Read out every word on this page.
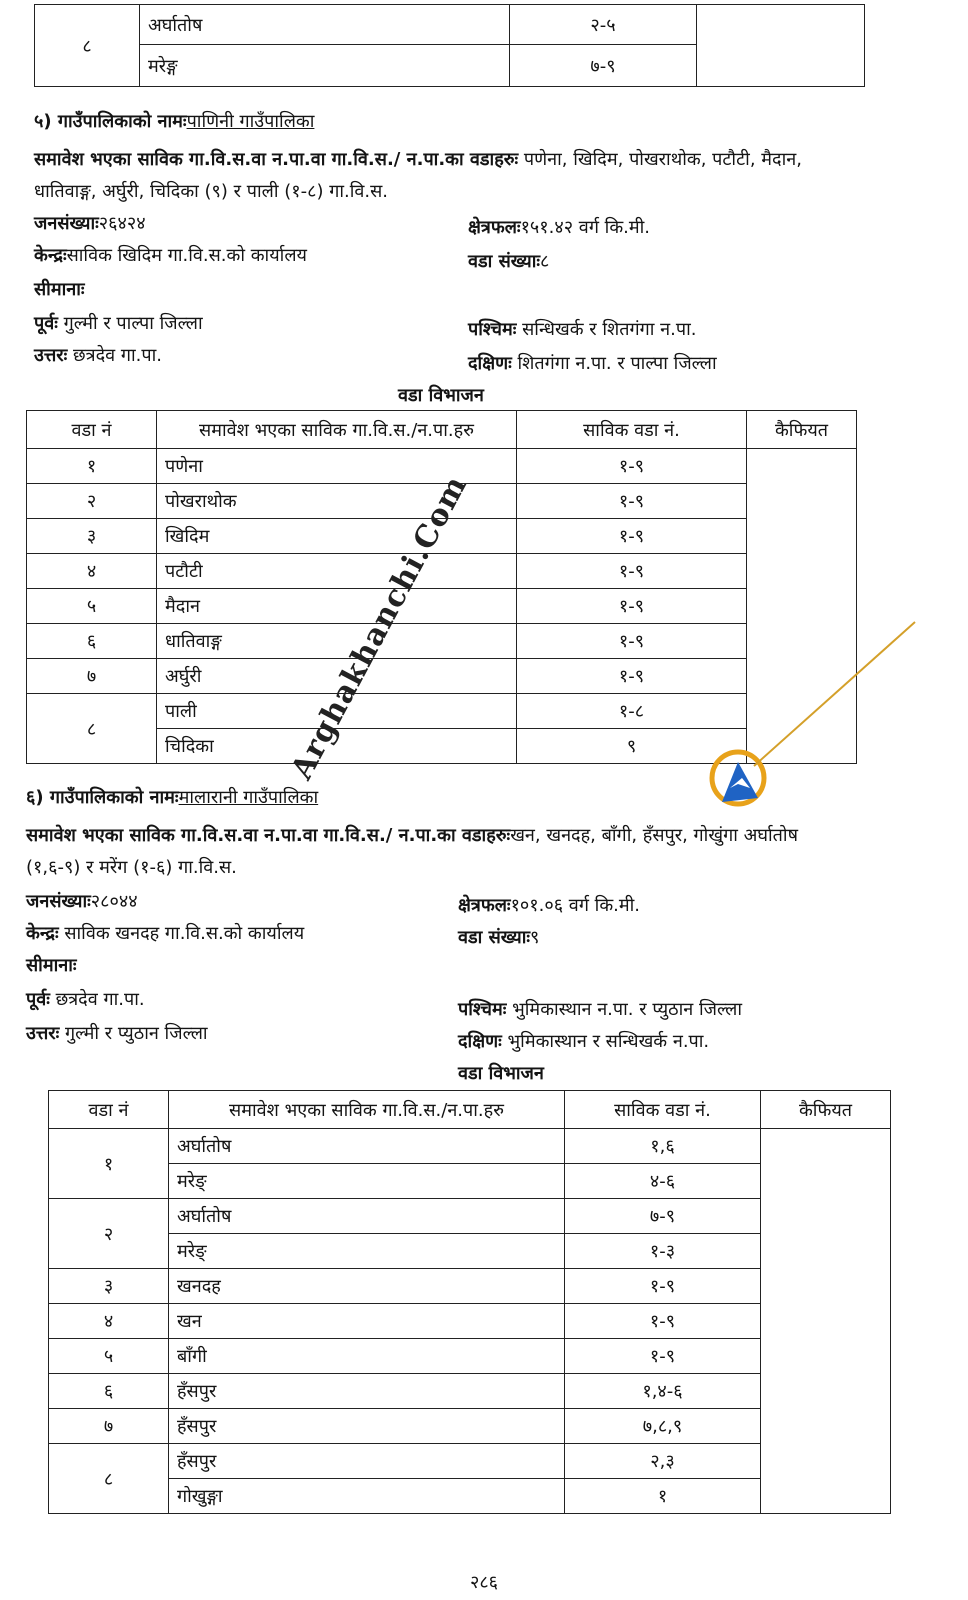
८	अर्घातोष	२-५	
	मरेङ्ग	७-९	
५) गाउँपालिकाको नामःपाणिनी गाउँपालिका
समावेश भएका साविक गा.वि.स.वा न.पा.वा गा.वि.स./ न.पा.का वडाहरुः पणेना, खिदिम, पोखराथोक, पटौटी, मैदान,
धातिवाङ्ग, अर्घुरी, चिदिका (९) र पाली (१-८) गा.वि.स.
जनसंख्याः२६४२४	क्षेत्रफलः१५१.४२ वर्ग कि.मी.
केन्द्रःसाविक खिदिम गा.वि.स.को कार्यालय	वडा संख्याः८
सीमानाः
पूर्वः गुल्मी र पाल्पा जिल्ला	पश्चिमः सन्धिखर्क र शितगंगा न.पा.
उत्तरः छत्रदेव गा.पा.	दक्षिणः शितगंगा न.पा. र पाल्पा जिल्ला
वडा विभाजन
वडा नं	समावेश भएका साविक गा.वि.स./न.पा.हरु	साविक वडा नं.	कैफियत
१	पणेना	१-९	
२	पोखराथोक	१-९	
३	खिदिम	१-९	
४	पटौटी	१-९	
५	मैदान	१-९	
६	धातिवाङ्ग	१-९	
७	अर्घुरी	१-९	
८	पाली	१-८	
	चिदिका	९	
६) गाउँपालिकाको नामःमालारानी गाउँपालिका
समावेश भएका साविक गा.वि.स.वा न.पा.वा गा.वि.स./ न.पा.का वडाहरुःखन, खनदह, बाँगी, हँसपुर, गोखुंगा अर्घातोष
(१,६-९) र मरेंग (१-६) गा.वि.स.
जनसंख्याः२८०४४	क्षेत्रफलः१०१.०६ वर्ग कि.मी.
केन्द्रः साविक खनदह गा.वि.स.को कार्यालय	वडा संख्याः९
सीमानाः
पूर्वः छत्रदेव गा.पा.	पश्चिमः भुमिकास्थान न.पा. र प्युठान जिल्ला
उत्तरः गुल्मी र प्युठान जिल्ला	दक्षिणः भुमिकास्थान र सन्धिखर्क न.पा.
वडा विभाजन
वडा नं	समावेश भएका साविक गा.वि.स./न.पा.हरु	साविक वडा नं.	कैफियत
१	अर्घातोष	१,६	
	मरेङ्	४-६	
२	अर्घातोष	७-९	
	मरेङ्	१-३	
३	खनदह	१-९	
४	खन	१-९	
५	बाँगी	१-९	
६	हँसपुर	१,४-६	
७	हँसपुर	७,८,९	
८	हँसपुर	२,३	
	गोखुङ्गा	१	
Arghakhanchi.Com
२८६
